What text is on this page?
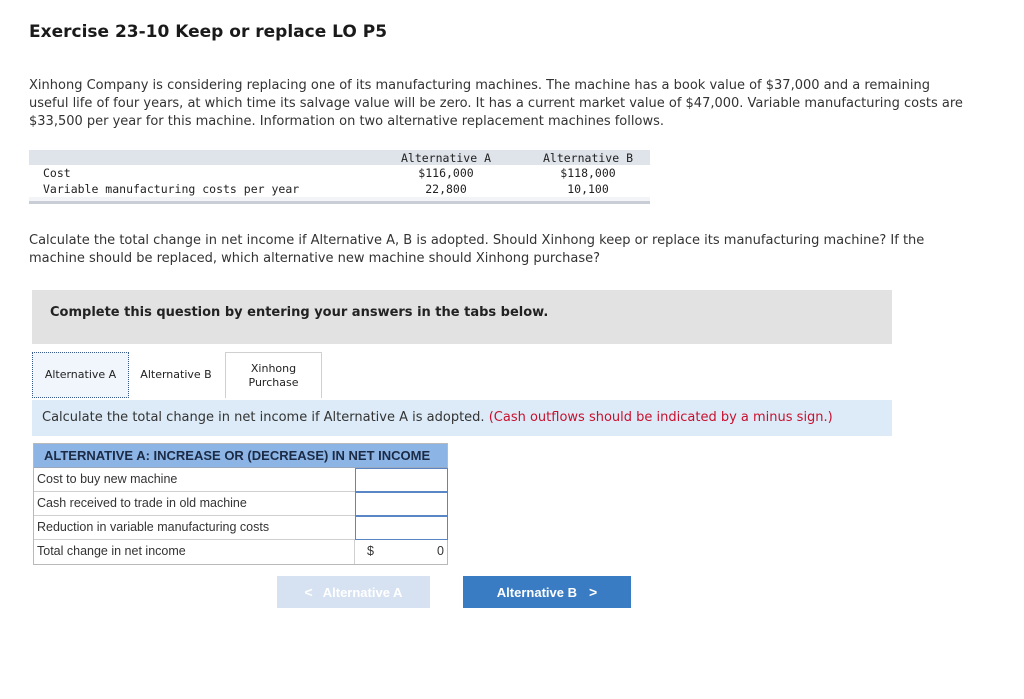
Exercise 23-10 Keep or replace LO P5
Xinhong Company is considering replacing one of its manufacturing machines. The machine has a book value of $37,000 and a remaining useful life of four years, at which time its salvage value will be zero. It has a current market value of $47,000. Variable manufacturing costs are $33,500 per year for this machine. Information on two alternative replacement machines follows.
Alternative A	Alternative B
Cost	$116,000	$118,000
Variable manufacturing costs per year	22,800	10,100
Calculate the total change in net income if Alternative A, B is adopted. Should Xinhong keep or replace its manufacturing machine? If the machine should be replaced, which alternative new machine should Xinhong purchase?
Complete this question by entering your answers in the tabs below.
Alternative A	Alternative B	Xinhong Purchase
Calculate the total change in net income if Alternative A is adopted. (Cash outflows should be indicated by a minus sign.)
ALTERNATIVE A: INCREASE OR (DECREASE) IN NET INCOME
Cost to buy new machine
Cash received to trade in old machine
Reduction in variable manufacturing costs
Total change in net income	$	0
< Alternative A	Alternative B >
